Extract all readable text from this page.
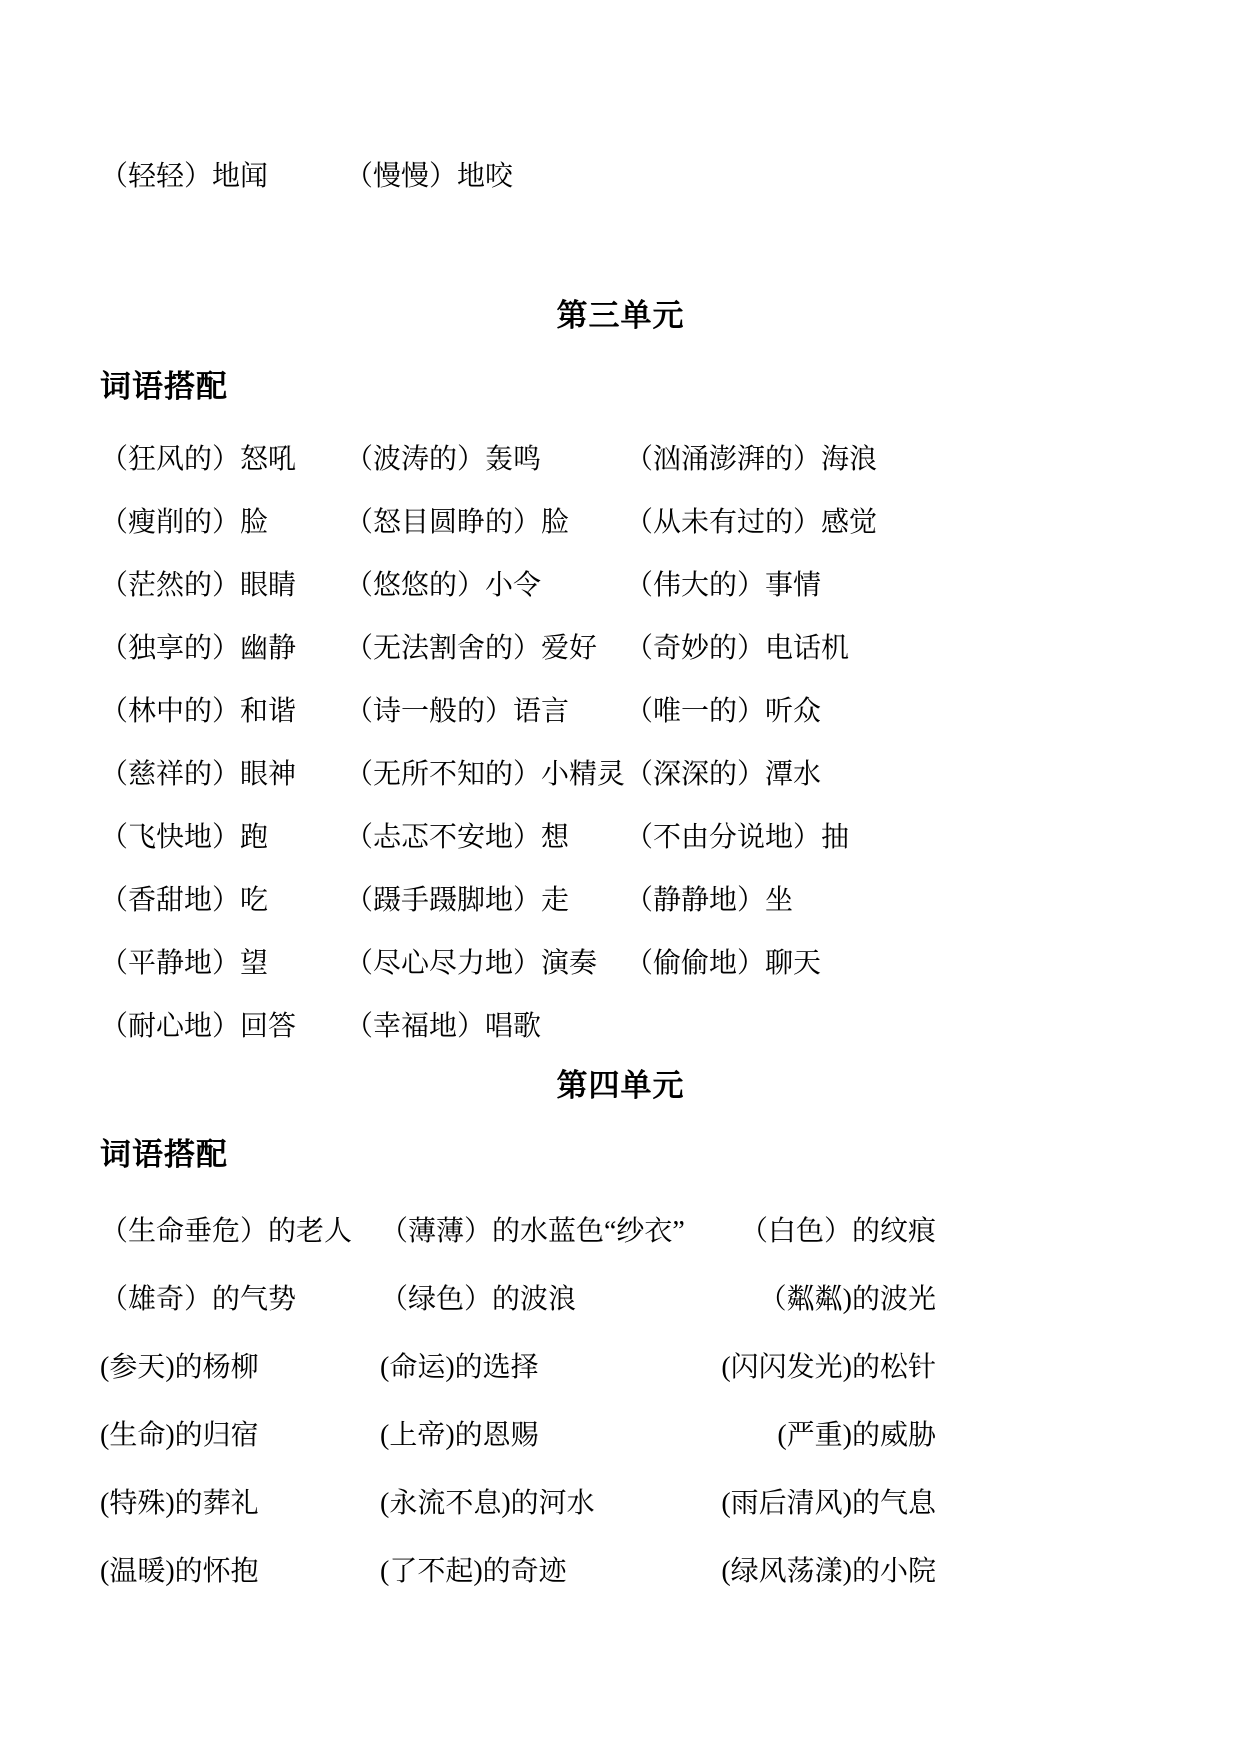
（轻轻）地闻	（慢慢）地咬
第三单元
词语搭配
（狂风的）怒吼	（波涛的）轰鸣	（汹涌澎湃的）海浪
（瘦削的）脸	（怒目圆睁的）脸	（从未有过的）感觉
（茫然的）眼睛	（悠悠的）小令	（伟大的）事情
（独享的）幽静	（无法割舍的）爱好 （奇妙的）电话机
（林中的）和谐	（诗一般的）语言	（唯一的）听众
（慈祥的）眼神	（无所不知的）小精灵 （深深的）潭水
（飞快地）跑	（忐忑不安地）想	（不由分说地）抽
（香甜地）吃	（蹑手蹑脚地）走	（静静地）坐
（平静地）望	（尽心尽力地）演奏 （偷偷地）聊天
（耐心地）回答	（幸福地）唱歌
第四单元
词语搭配
（生命垂危）的老人 （薄薄）的水蓝色“纱衣”	（白色）的纹痕
（雄奇）的气势	（绿色）的波浪	（粼粼)的波光
(参天)的杨柳	(命运)的选择	(闪闪发光)的松针
(生命)的归宿	(上帝)的恩赐	(严重)的威胁
(特殊)的葬礼	(永流不息)的河水	(雨后清风)的气息
(温暖)的怀抱	(了不起)的奇迹	(绿风荡漾)的小院
